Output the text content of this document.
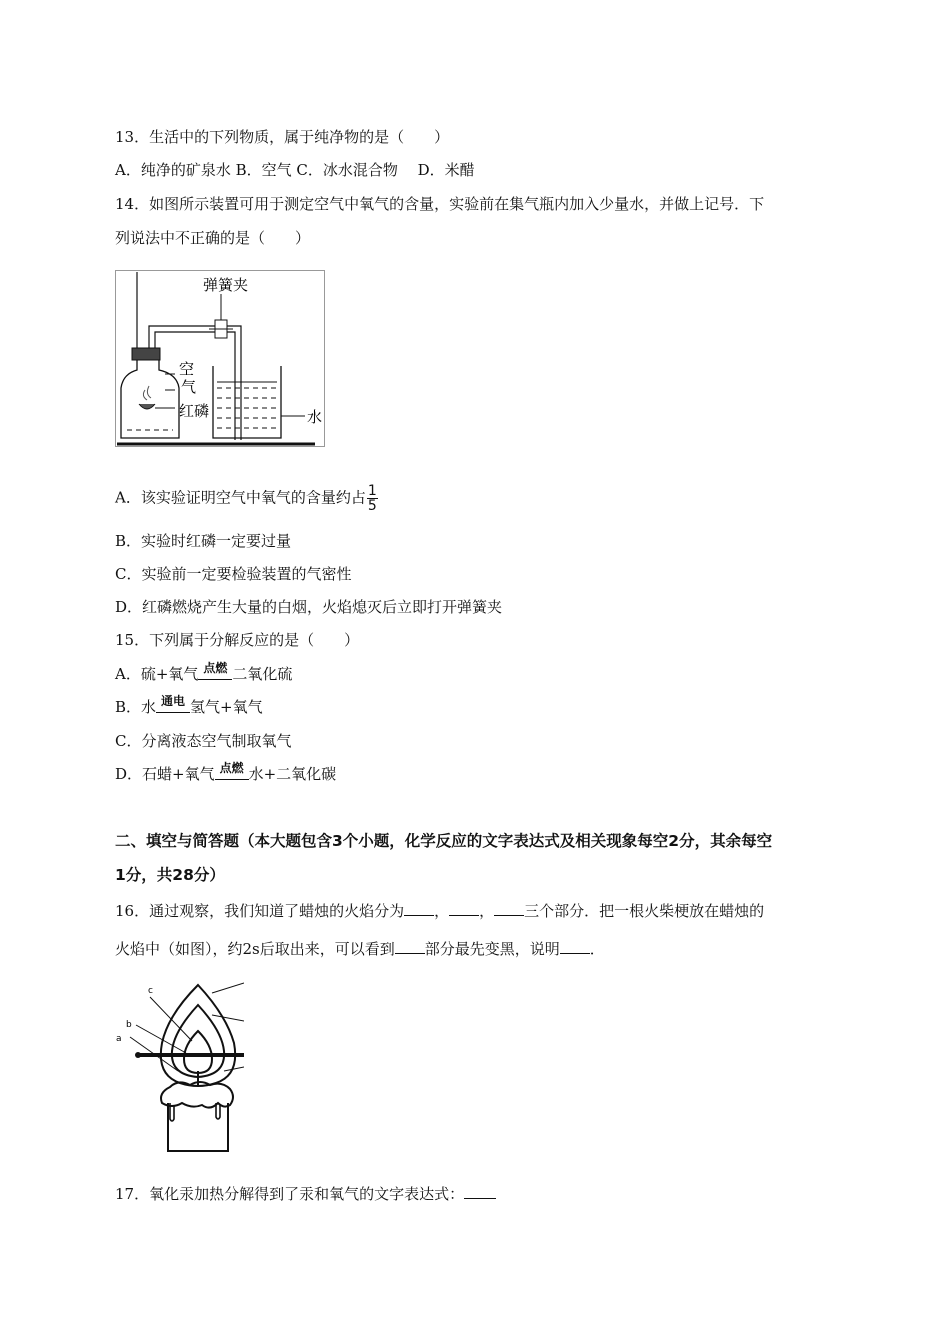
13．生活中的下列物质，属于纯净物的是（　　）
A．纯净的矿泉水 B．空气 C．冰水混合物　 D．米醋
14．如图所示装置可用于测定空气中氧气的含量，实验前在集气瓶内加入少量水，并做上记号．下
列说法中不正确的是（　　）
空
气
红磷
弹簧夹
水
A．该实验证明空气中氧气的含量约占 $\frac{1}{5}$
B．实验时红磷一定要过量
C．实验前一定要检验装置的气密性
D．红磷燃烧产生大量的白烟，火焰熄灭后立即打开弹簧夹
15．下列属于分解反应的是（　　）
A．硫+氧气 点燃 二氧化硫
B．水 通电 氢气+氧气
C．分离液态空气制取氧气
D．石蜡+氧气 点燃 水+二氧化碳
二、填空与简答题（本大题包含3个小题，化学反应的文字表达式及相关现象每空2分，其余每空
1分，共28分）
16．通过观察，我们知道了蜡烛的火焰分为 ， ， 三个部分．把一根火柴梗放在蜡烛的
火焰中（如图），约2s后取出来，可以看到 部分最先变黑，说明 ．
a
b
c
17．氧化汞加热分解得到了汞和氧气的文字表达式：
